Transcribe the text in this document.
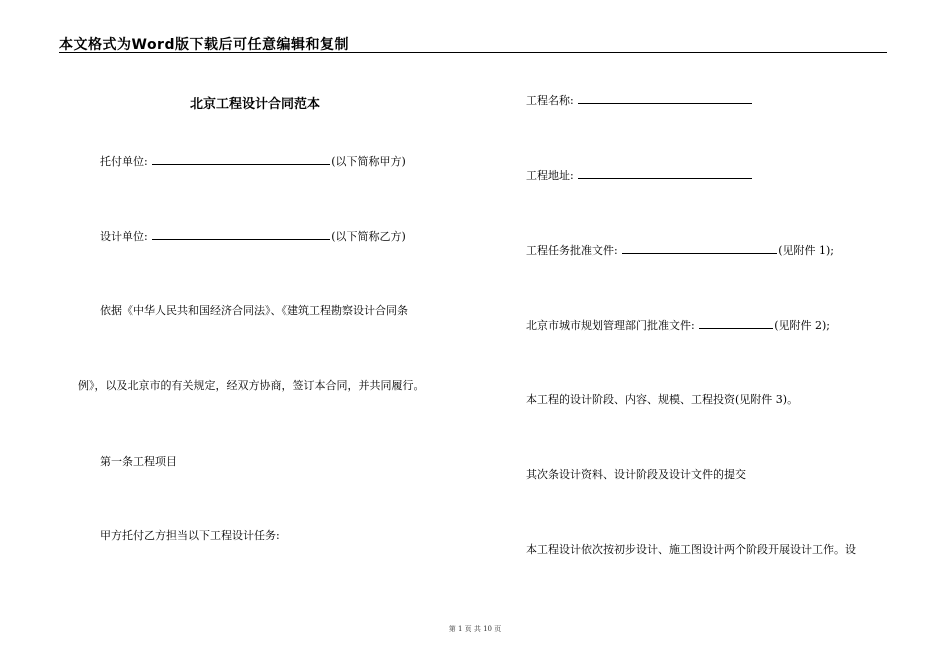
本文格式为Word版下载后可任意编辑和复制
北京工程设计合同范本
托付单位:	(以下简称甲方)
设计单位:	(以下简称乙方)
依据《中华人民共和国经济合同法》、《建筑工程勘察设计合同条
例》，以及北京市的有关规定，经双方协商，签订本合同，并共同履行。
第一条工程项目
甲方托付乙方担当以下工程设计任务:
工程名称:
工程地址:
工程任务批准文件:	(见附件 1);
北京市城市规划管理部门批准文件:	(见附件 2);
本工程的设计阶段、内容、规模、工程投资(见附件 3)。
其次条设计资料、设计阶段及设计文件的提交
本工程设计依次按初步设计、施工图设计两个阶段开展设计工作。设
第 1 页 共 10 页
